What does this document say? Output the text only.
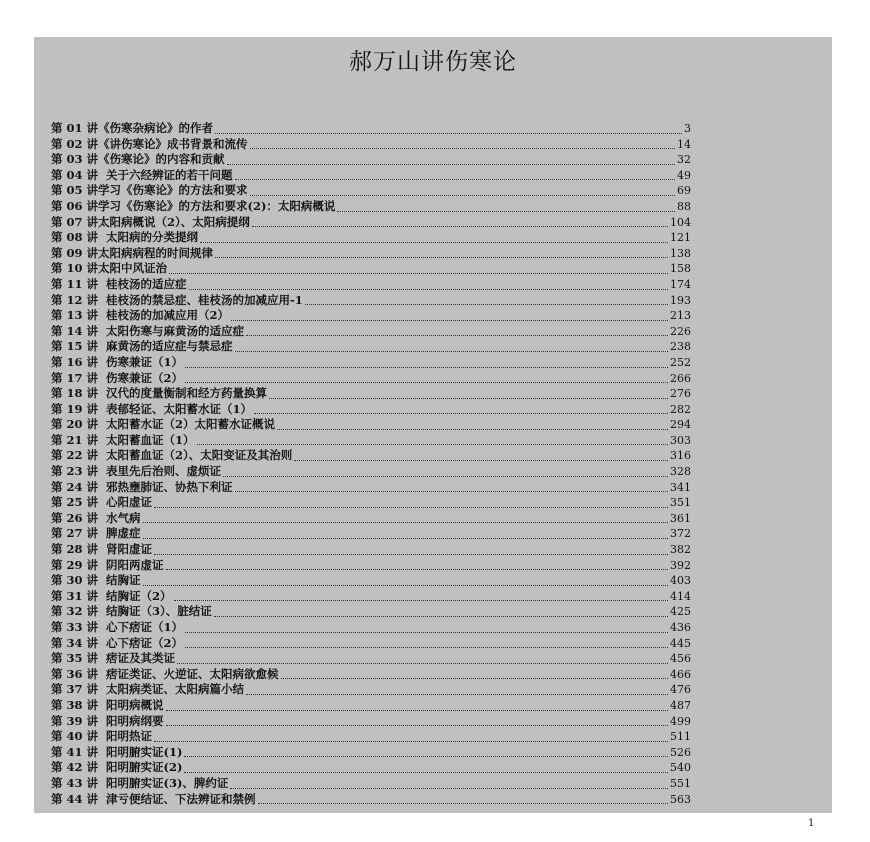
郝万山讲伤寒论
第 01 讲 《伤寒杂病论》的作者	3
第 02 讲 《讲伤寒论》成书背景和流传	14
第 03 讲 《伤寒论》的内容和贡献	32
第 04 讲 关于六经辨证的若干问题	49
第 05 讲 学习《伤寒论》的方法和要求	69
第 06 讲 学习《伤寒论》的方法和要求(2)：太阳病概说	88
第 07 讲 太阳病概说（2）、太阳病提纲	104
第 08 讲 太阳病的分类提纲	121
第 09 讲 太阳病病程的时间规律	138
第 10 讲 太阳中风证治	158
第 11 讲 桂枝汤的适应症	174
第 12 讲 桂枝汤的禁忌症、桂枝汤的加减应用-1	193
第 13 讲 桂枝汤的加减应用（2）	213
第 14 讲 太阳伤寒与麻黄汤的适应症	226
第 15 讲 麻黄汤的适应症与禁忌症	238
第 16 讲 伤寒兼证（1）	252
第 17 讲 伤寒兼证（2）	266
第 18 讲 汉代的度量衡制和经方药量换算	276
第 19 讲 表郁轻证、太阳蓄水证（1）	282
第 20 讲 太阳蓄水证（2）太阳蓄水证概说	294
第 21 讲 太阳蓄血证（1）	303
第 22 讲 太阳蓄血证（2）、太阳变证及其治则	316
第 23 讲 表里先后治则、虚烦证	328
第 24 讲 邪热壅肺证、协热下利证	341
第 25 讲 心阳虚证	351
第 26 讲 水气病	361
第 27 讲 脾虚症	372
第 28 讲 肾阳虚证	382
第 29 讲 阴阳两虚证	392
第 30 讲 结胸证	403
第 31 讲 结胸证（2）	414
第 32 讲 结胸证（3）、脏结证	425
第 33 讲 心下痞证（1）	436
第 34 讲 心下痞证（2）	445
第 35 讲 痞证及其类证	456
第 36 讲 痞证类证、火逆证、太阳病欲愈候	466
第 37 讲 太阳病类证、太阳病篇小结	476
第 38 讲 阳明病概说	487
第 39 讲 阳明病纲要	499
第 40 讲 阳明热证	511
第 41 讲 阳明腑实证(1)	526
第 42 讲 阳明腑实证(2)	540
第 43 讲 阳明腑实证(3)、脾约证	551
第 44 讲 津亏便结证、下法辨证和禁例	563
1
